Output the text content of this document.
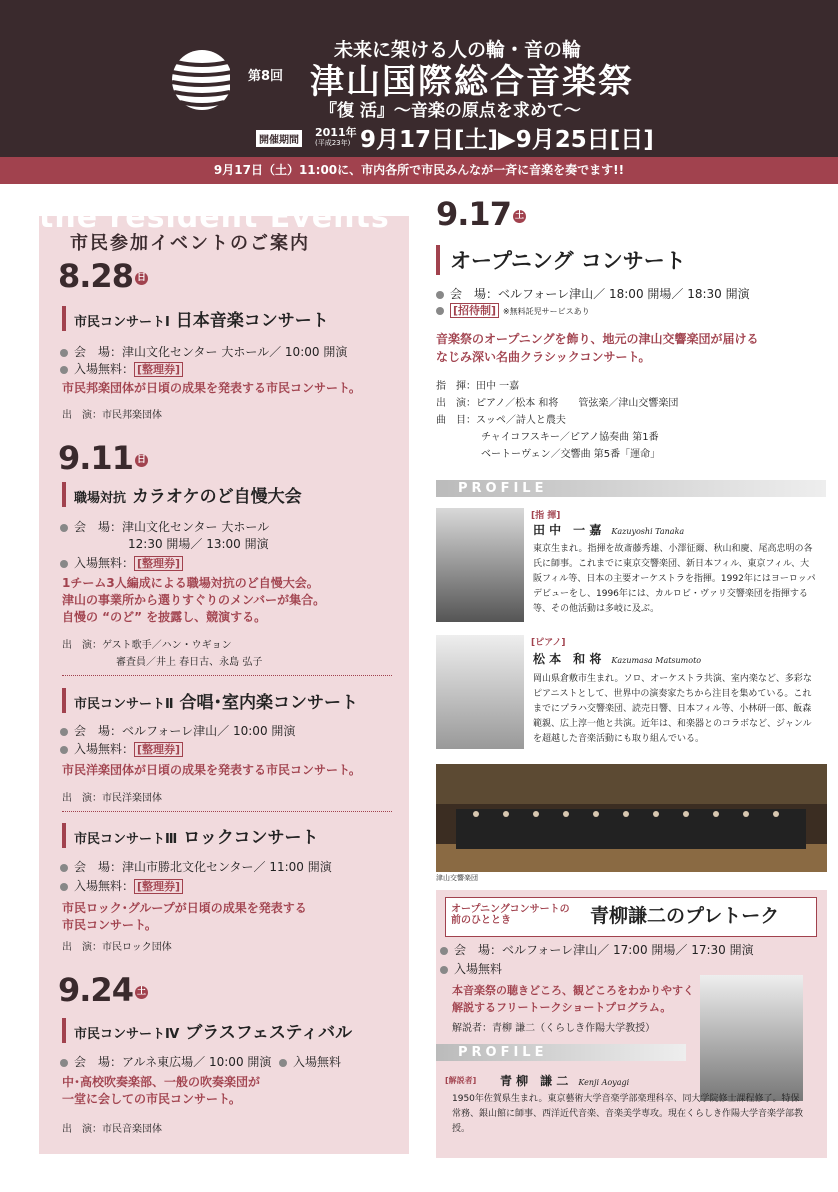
未来に架ける人の輪・音の輪
第8回 津山国際総合音楽祭
『復 活』～音楽の原点を求めて～
開催期間
2011年
(平成23年) 9月17日[土]▶9月25日[日]
9月17日（土）11:00に、市内各所で市民みんなが一斉に音楽を奏でます!!
the resident Events
市民参加イベントのご案内
8.28 日
市民コンサートⅠ 日本音楽コンサート
会　場：津山文化センター 大ホール／ 10:00 開演
入場無料： [整理券]
市民邦楽団体が日頃の成果を発表する市民コンサート。
出　演：市民邦楽団体
9.11 日
職場対抗 カラオケのど自慢大会
会　場：津山文化センター 大ホール
12:30 開場／ 13:00 開演
入場無料： [整理券]
1チーム3人編成による職場対抗のど自慢大会。
津山の事業所から選りすぐりのメンバーが集合。
自慢の “のど” を披露し、競演する。
出　演：ゲスト歌手／ハン・ウギョン
審査員／井上 春日古、永島 弘子
市民コンサートⅡ 合唱･室内楽コンサート
会　場：ベルフォーレ津山／ 10:00 開演
入場無料： [整理券]
市民洋楽団体が日頃の成果を発表する市民コンサート。
出　演：市民洋楽団体
市民コンサートⅢ ロックコンサート
会　場：津山市勝北文化センター／ 11:00 開演
入場無料： [整理券]
市民ロック･グループが日頃の成果を発表する
市民コンサート。
出　演：市民ロック団体
9.24 土
市民コンサートⅣ ブラスフェスティバル
会　場：アルネ東広場／ 10:00 開演 入場無料
中･高校吹奏楽部、一般の吹奏楽団が
一堂に会しての市民コンサート。
出　演：市民音楽団体
9.17 土
オープニング コンサート
会　場：ベルフォーレ津山／ 18:00 開場／ 18:30 開演
[招待制] ※無料託児サービスあり
音楽祭のオープニングを飾り、地元の津山交響楽団が届ける
なじみ深い名曲クラシックコンサート。
指　揮：田中 一嘉
出　演：ピアノ／松本 和将　　管弦楽／津山交響楽団
曲　目：スッペ／詩人と農夫
チャイコフスキー／ピアノ協奏曲 第1番
ベートーヴェン／交響曲 第5番「運命」
PROFILE
[指 揮]
田 中　一 嘉 Kazuyoshi Tanaka
東京生まれ。指揮を故斎藤秀雄、小澤征爾、秋山和慶、尾高忠明の各氏に師事。これまでに東京交響楽団、新日本フィル、東京フィル、大阪フィル等、日本の主要オーケストラを指揮。1992年にはヨーロッパデビューをし、1996年には、カルロビ・ヴァリ交響楽団を指揮する等、その他活動は多岐に及ぶ。
[ピアノ]
松 本　和 将 Kazumasa Matsumoto
岡山県倉敷市生まれ。ソロ、オーケストラ共演、室内楽など、多彩なピアニストとして、世界中の演奏家たちから注目を集めている。これまでにプラハ交響楽団、読売日響、日本フィル等、小林研一郎、飯森範親、広上淳一他と共演。近年は、和楽器とのコラボなど、ジャンルを超越した音楽活動にも取り組んでいる。
津山交響楽団
オープニングコンサートの
前のひととき	青柳謙二のプレトーク
会　場：ベルフォーレ津山／ 17:00 開場／ 17:30 開演
入場無料
本音楽祭の聴きどころ、観どころをわかりやすく
解説するフリートークショートプログラム。
解説者：青柳 謙二（くらしき作陽大学教授）
PROFILE
[解説者] 青 柳　謙 二 Kenji Aoyagi
1950年佐賀県生まれ。東京藝術大学音楽学部楽理科卒、同大学院修士課程修了。特保常務、銀山館に師事、西洋近代音楽、音楽美学専攻。現在くらしき作陽大学音楽学部教授。
